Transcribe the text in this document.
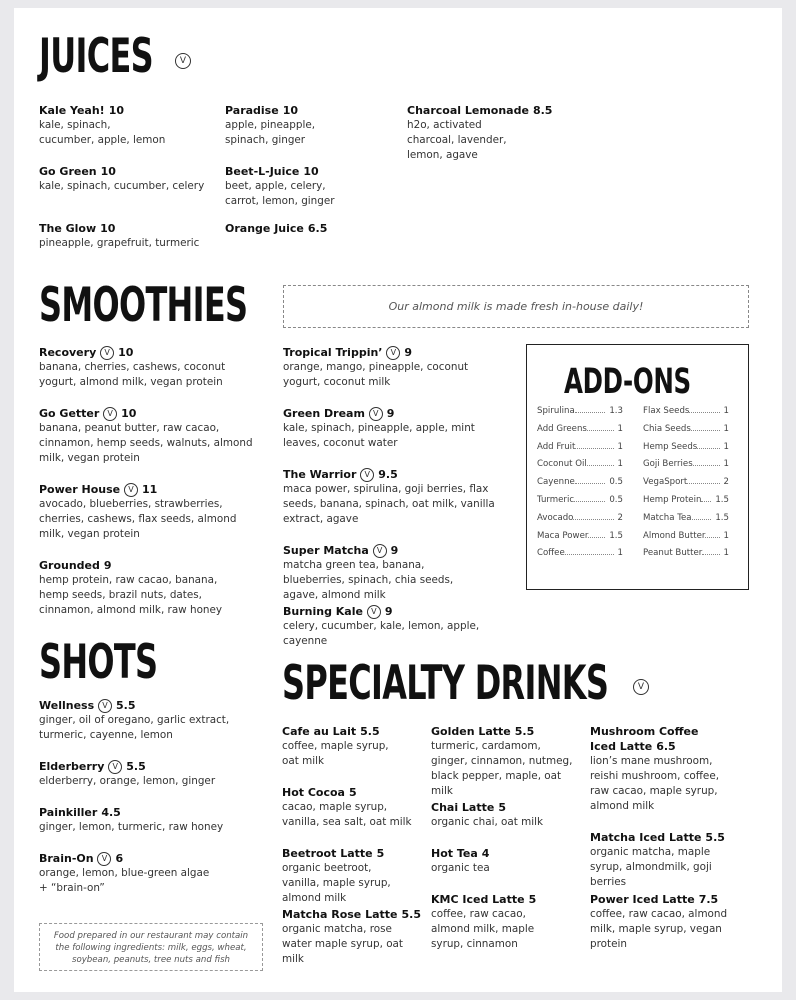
JUICES	V
Kale Yeah! 10
kale, spinach, cucumber, apple, lemon
Go Green 10
kale, spinach, cucumber, celery
The Glow 10
pineapple, grapefruit, turmeric
Paradise 10
apple, pineapple, spinach, ginger
Beet-L-Juice 10
beet, apple, celery, carrot, lemon, ginger
Orange Juice 6.5
Charcoal Lemonade 8.5
h2o, activated charcoal, lavender, lemon, agave
SMOOTHIES	Our almond milk is made fresh in-house daily!
Recovery V 10
banana, cherries, cashews, coconut yogurt, almond milk, vegan protein
Go Getter V 10
banana, peanut butter, raw cacao, cinnamon, hemp seeds, walnuts, almond milk, vegan protein
Power House V 11
avocado, blueberries, strawberries, cherries, cashews, flax seeds, almond milk, vegan protein
Grounded 9
hemp protein, raw cacao, banana, hemp seeds, brazil nuts, dates, cinnamon, almond milk, raw honey
Tropical Trippin’ V 9
orange, mango, pineapple, coconut yogurt, coconut milk
Green Dream V 9
kale, spinach, pineapple, apple, mint leaves, coconut water
The Warrior V 9.5
maca power, spirulina, goji berries, flax seeds, banana, spinach, oat milk, vanilla extract, agave
Super Matcha V 9
matcha green tea, banana, blueberries, spinach, chia seeds, agave, almond milk
Burning Kale V 9
celery, cucumber, kale, lemon, apple, cayenne
ADD-ONS
Spirulina	1.3
Add Greens	1
Add Fruit	1
Coconut Oil	1
Cayenne	0.5
Turmeric	0.5
Avocado	2
Maca Power 1.5
Coffee	1
Flax Seeds	1
Chia Seeds	1
Hemp Seeds	1
Goji Berries	1
VegaSport	2
Hemp Protein 1.5
Matcha Tea	1.5
Almond Butter 1
Peanut Butter 1
SHOTS
Wellness V 5.5
ginger, oil of oregano, garlic extract, turmeric, cayenne, lemon
Elderberry V 5.5
elderberry, orange, lemon, ginger
Painkiller 4.5
ginger, lemon, turmeric, raw honey
Brain-On V 6
orange, lemon, blue-green algae
+ “brain-on”
Food prepared in our restaurant may contain the following ingredients: milk, eggs, wheat, soybean, peanuts, tree nuts and fish
SPECIALTY DRINKS	V
Cafe au Lait 5.5
coffee, maple syrup, oat milk
Hot Cocoa 5
cacao, maple syrup, vanilla, sea salt, oat milk
Beetroot Latte 5
organic beetroot, vanilla, maple syrup, almond milk
Matcha Rose Latte 5.5
organic matcha, rose water maple syrup, oat milk
Golden Latte 5.5
turmeric, cardamom, ginger, cinnamon, nutmeg, black pepper, maple, oat milk
Chai Latte 5
organic chai, oat milk
Hot Tea 4
organic tea
KMC Iced Latte 5
coffee, raw cacao, almond milk, maple syrup, cinnamon
Mushroom Coffee
Iced Latte 6.5
lion’s mane mushroom, reishi mushroom, coffee, raw cacao, maple syrup, almond milk
Matcha Iced Latte 5.5
organic matcha, maple syrup, almondmilk, goji berries
Power Iced Latte 7.5
coffee, raw cacao, almond milk, maple syrup, vegan protein
